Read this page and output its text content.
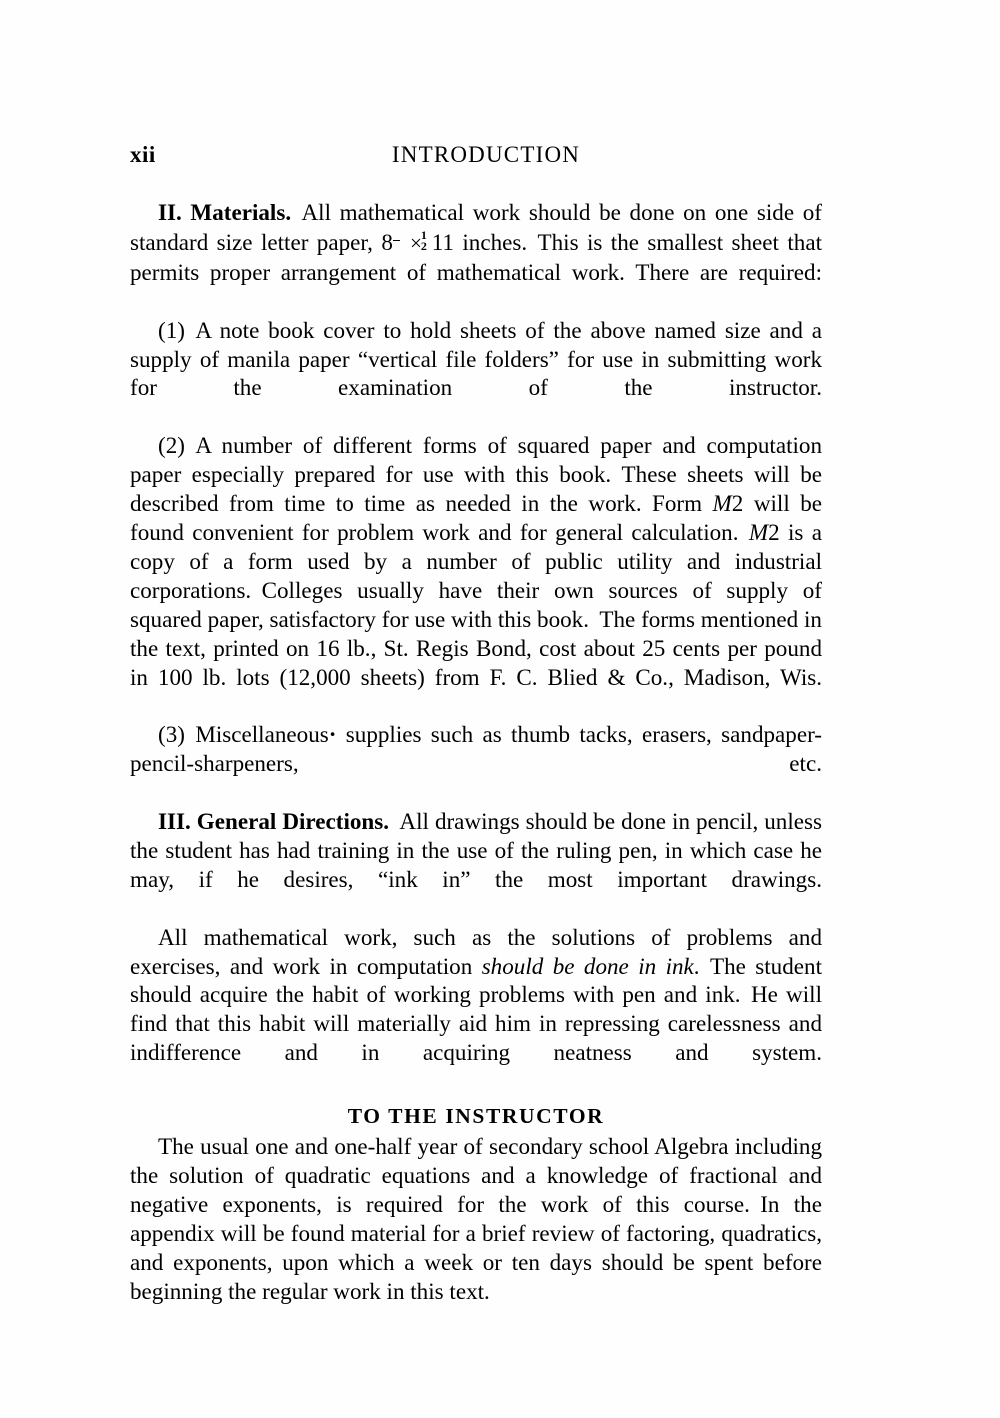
xii	INTRODUCTION

II. Materials. All mathematical work should be done on one side of standard size letter paper, $8 \frac{1}{2} \times 11$ inches. This is the smallest sheet that permits proper arrangement of mathematical work. There are required:

(1) A note book cover to hold sheets of the above named size and a supply of manila paper “vertical file folders” for use in submitting work for the examination of the instructor.

(2) A number of different forms of squared paper and computation paper especially prepared for use with this book. These sheets will be described from time to time as needed in the work. Form M2 will be found convenient for problem work and for general calculation. M2 is a copy of a form used by a number of public utility and industrial corporations. Colleges usually have their own sources of supply of squared paper, satisfactory for use with this book. The forms mentioned in the text, printed on 16 lb., St. Regis Bond, cost about 25 cents per pound in 100 lb. lots (12,000 sheets) from F. C. Blied & Co., Madison, Wis.

(3) Miscellaneous· supplies such as thumb tacks, erasers, sandpaper-pencil-sharpeners, etc.

III. General Directions. All drawings should be done in pencil, unless the student has had training in the use of the ruling pen, in which case he may, if he desires, “ink in” the most important drawings.

All mathematical work, such as the solutions of problems and exercises, and work in computation should be done in ink. The student should acquire the habit of working problems with pen and ink. He will find that this habit will materially aid him in repressing carelessness and indifference and in acquiring neatness and system.

TO THE INSTRUCTOR

The usual one and one-half year of secondary school Algebra including the solution of quadratic equations and a knowledge of fractional and negative exponents, is required for the work of this course. In the appendix will be found material for a brief review of factoring, quadratics, and exponents, upon which a week or ten days should be spent before beginning the regular work in this text.
